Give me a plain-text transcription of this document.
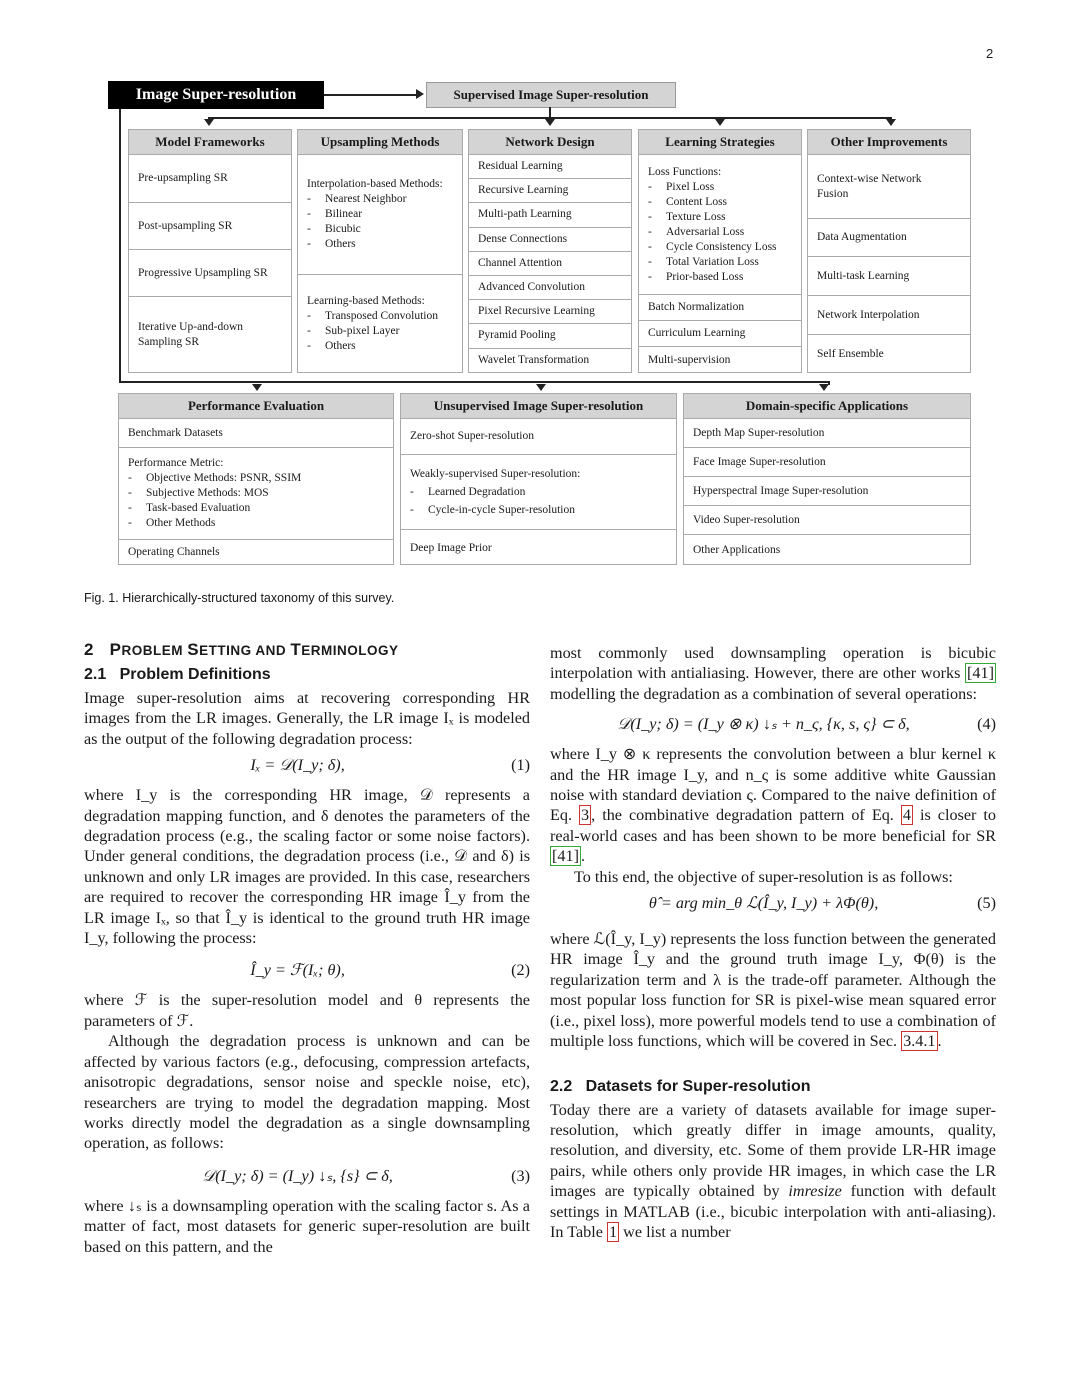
2
Image Super-resolution	Supervised Image Super-resolution
Model Frameworks
Pre-upsampling SR
Post-upsampling SR
Progressive Upsampling SR
Iterative Up-and-down Sampling SR
Upsampling Methods
Interpolation-based Methods:
- Nearest Neighbor
- Bilinear
- Bicubic
- Others
Learning-based Methods:
- Transposed Convolution
- Sub-pixel Layer
- Others
Network Design
Residual Learning
Recursive Learning
Multi-path Learning
Dense Connections
Channel Attention
Advanced Convolution
Pixel Recursive Learning
Pyramid Pooling
Wavelet Transformation
Learning Strategies
Loss Functions:
- Pixel Loss
- Content Loss
- Texture Loss
- Adversarial Loss
- Cycle Consistency Loss
- Total Variation Loss
- Prior-based Loss
Batch Normalization
Curriculum Learning
Multi-supervision
Other Improvements
Context-wise Network Fusion
Data Augmentation
Multi-task Learning
Network Interpolation
Self Ensemble
Performance Evaluation
Benchmark Datasets
Performance Metric:
- Objective Methods: PSNR, SSIM
- Subjective Methods: MOS
- Task-based Evaluation
- Other Methods
Operating Channels
Unsupervised Image Super-resolution
Zero-shot Super-resolution
Weakly-supervised Super-resolution:
- Learned Degradation
- Cycle-in-cycle Super-resolution
Deep Image Prior
Domain-specific Applications
Depth Map Super-resolution
Face Image Super-resolution
Hyperspectral Image Super-resolution
Video Super-resolution
Other Applications
Fig. 1. Hierarchically-structured taxonomy of this survey.
2 PROBLEM SETTING AND TERMINOLOGY
2.1   Problem Definitions

Image super-resolution aims at recovering corresponding HR images from the LR images. Generally, the LR image Iₓ is modeled as the output of the following degradation process:

Iₓ = 𝒟(I_y; δ),	(1)

where I_y is the corresponding HR image, 𝒟 represents a degradation mapping function, and δ denotes the parameters of the degradation process (e.g., the scaling factor or some noise factors). Under general conditions, the degradation process (i.e., 𝒟 and δ) is unknown and only LR images are provided. In this case, researchers are required to recover the corresponding HR image Î_y from the LR image Iₓ, so that Î_y is identical to the ground truth HR image I_y, following the process:

Î_y = ℱ(Iₓ; θ),	(2)

where ℱ is the super-resolution model and θ represents the parameters of ℱ.

Although the degradation process is unknown and can be affected by various factors (e.g., defocusing, compression artefacts, anisotropic degradations, sensor noise and speckle noise, etc), researchers are trying to model the degradation mapping. Most works directly model the degradation as a single downsampling operation, as follows:

𝒟(I_y; δ) = (I_y) ↓ₛ, {s} ⊂ δ,	(3)

where ↓ₛ is a downsampling operation with the scaling factor s. As a matter of fact, most datasets for generic super-resolution are built based on this pattern, and the

most commonly used downsampling operation is bicubic interpolation with antialiasing. However, there are other works [41] modelling the degradation as a combination of several operations:

𝒟(I_y; δ) = (I_y ⊗ κ) ↓ₛ + n_ς, {κ, s, ς} ⊂ δ,	(4)

where I_y ⊗ κ represents the convolution between a blur kernel κ and the HR image I_y, and n_ς is some additive white Gaussian noise with standard deviation ς. Compared to the naive definition of Eq. 3 , the combinative degradation pattern of Eq. 4 is closer to real-world cases and has been shown to be more beneficial for SR [41] .

To this end, the objective of super-resolution is as follows:

θ̂ = arg min_θ ℒ(Î_y, I_y) + λΦ(θ),	(5)

where ℒ(Î_y, I_y) represents the loss function between the generated HR image Î_y and the ground truth image I_y, Φ(θ) is the regularization term and λ is the trade-off parameter. Although the most popular loss function for SR is pixel-wise mean squared error (i.e., pixel loss), more powerful models tend to use a combination of multiple loss functions, which will be covered in Sec. 3.4.1 .

2.2   Datasets for Super-resolution

Today there are a variety of datasets available for image super-resolution, which greatly differ in image amounts, quality, resolution, and diversity, etc. Some of them provide LR-HR image pairs, while others only provide HR images, in which case the LR images are typically obtained by imresize function with default settings in MATLAB (i.e., bicubic interpolation with anti-aliasing). In Table 1 we list a number
